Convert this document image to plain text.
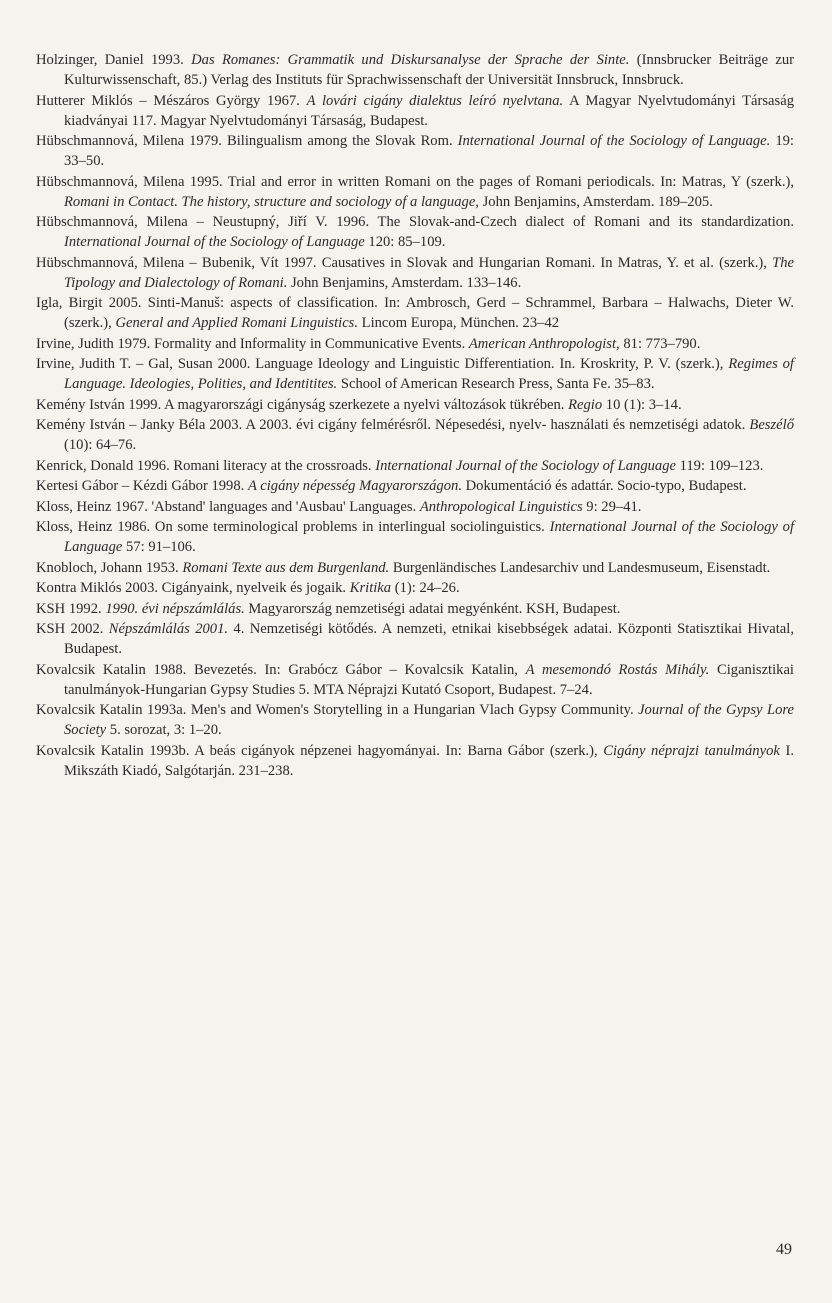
Holzinger, Daniel 1993. Das Romanes: Grammatik und Diskursanalyse der Sprache der Sinte. (Innsbrucker Beiträge zur Kulturwissenschaft, 85.) Verlag des Instituts für Sprachwissenschaft der Universität Innsbruck, Innsbruck.

Hutterer Miklós – Mészáros György 1967. A lovári cigány dialektus leíró nyelvtana. A Magyar Nyelvtudományi Társaság kiadványai 117. Magyar Nyelvtudományi Társaság, Budapest.

Hübschmannová, Milena 1979. Bilingualism among the Slovak Rom. International Journal of the Sociology of Language. 19: 33–50.

Hübschmannová, Milena 1995. Trial and error in written Romani on the pages of Romani periodicals. In: Matras, Y (szerk.), Romani in Contact. The history, structure and sociology of a language, John Benjamins, Amsterdam. 189–205.

Hübschmannová, Milena – Neustupný, Jiří V. 1996. The Slovak-and-Czech dialect of Romani and its standardization. International Journal of the Sociology of Language 120: 85–109.

Hübschmannová, Milena – Bubenik, Vít 1997. Causatives in Slovak and Hungarian Romani. In Matras, Y. et al. (szerk.), The Tipology and Dialectology of Romani. John Benjamins, Amsterdam. 133–146.

Igla, Birgit 2005. Sinti-Manuš: aspects of classification. In: Ambrosch, Gerd – Schrammel, Barbara – Halwachs, Dieter W. (szerk.), General and Applied Romani Linguistics. Lincom Europa, München. 23–42

Irvine, Judith 1979. Formality and Informality in Communicative Events. American Anthropologist, 81: 773–790.

Irvine, Judith T. – Gal, Susan 2000. Language Ideology and Linguistic Differentiation. In. Kroskrity, P. V. (szerk.), Regimes of Language. Ideologies, Polities, and Identitites. School of American Research Press, Santa Fe. 35–83.

Kemény István 1999. A magyarországi cigányság szerkezete a nyelvi változások tükrében. Regio 10 (1): 3–14.

Kemény István – Janky Béla 2003. A 2003. évi cigány felmérésről. Népesedési, nyelv- használati és nemzetiségi adatok. Beszélő (10): 64–76.

Kenrick, Donald 1996. Romani literacy at the crossroads. International Journal of the Sociology of Language 119: 109–123.

Kertesi Gábor – Kézdi Gábor 1998. A cigány népesség Magyarországon. Dokumentáció és adattár. Socio-typo, Budapest.

Kloss, Heinz 1967. 'Abstand' languages and 'Ausbau' Languages. Anthropological Linguistics 9: 29–41.

Kloss, Heinz 1986. On some terminological problems in interlingual sociolinguistics. International Journal of the Sociology of Language 57: 91–106.

Knobloch, Johann 1953. Romani Texte aus dem Burgenland. Burgenländisches Landesarchiv und Landesmuseum, Eisenstadt.

Kontra Miklós 2003. Cigányaink, nyelveik és jogaik. Kritika (1): 24–26.

KSH 1992. 1990. évi népszámlálás. Magyarország nemzetiségi adatai megyénként. KSH, Budapest.

KSH 2002. Népszámlálás 2001. 4. Nemzetiségi kötődés. A nemzeti, etnikai kisebbségek adatai. Központi Statisztikai Hivatal, Budapest.

Kovalcsik Katalin 1988. Bevezetés. In: Grabócz Gábor – Kovalcsik Katalin, A mesemondó Rostás Mihály. Ciganisztikai tanulmányok-Hungarian Gypsy Studies 5. MTA Néprajzi Kutató Csoport, Budapest. 7–24.

Kovalcsik Katalin 1993a. Men's and Women's Storytelling in a Hungarian Vlach Gypsy Community. Journal of the Gypsy Lore Society 5. sorozat, 3: 1–20.

Kovalcsik Katalin 1993b. A beás cigányok népzenei hagyományai. In: Barna Gábor (szerk.), Cigány néprajzi tanulmányok I. Mikszáth Kiadó, Salgótarján. 231–238.

49
